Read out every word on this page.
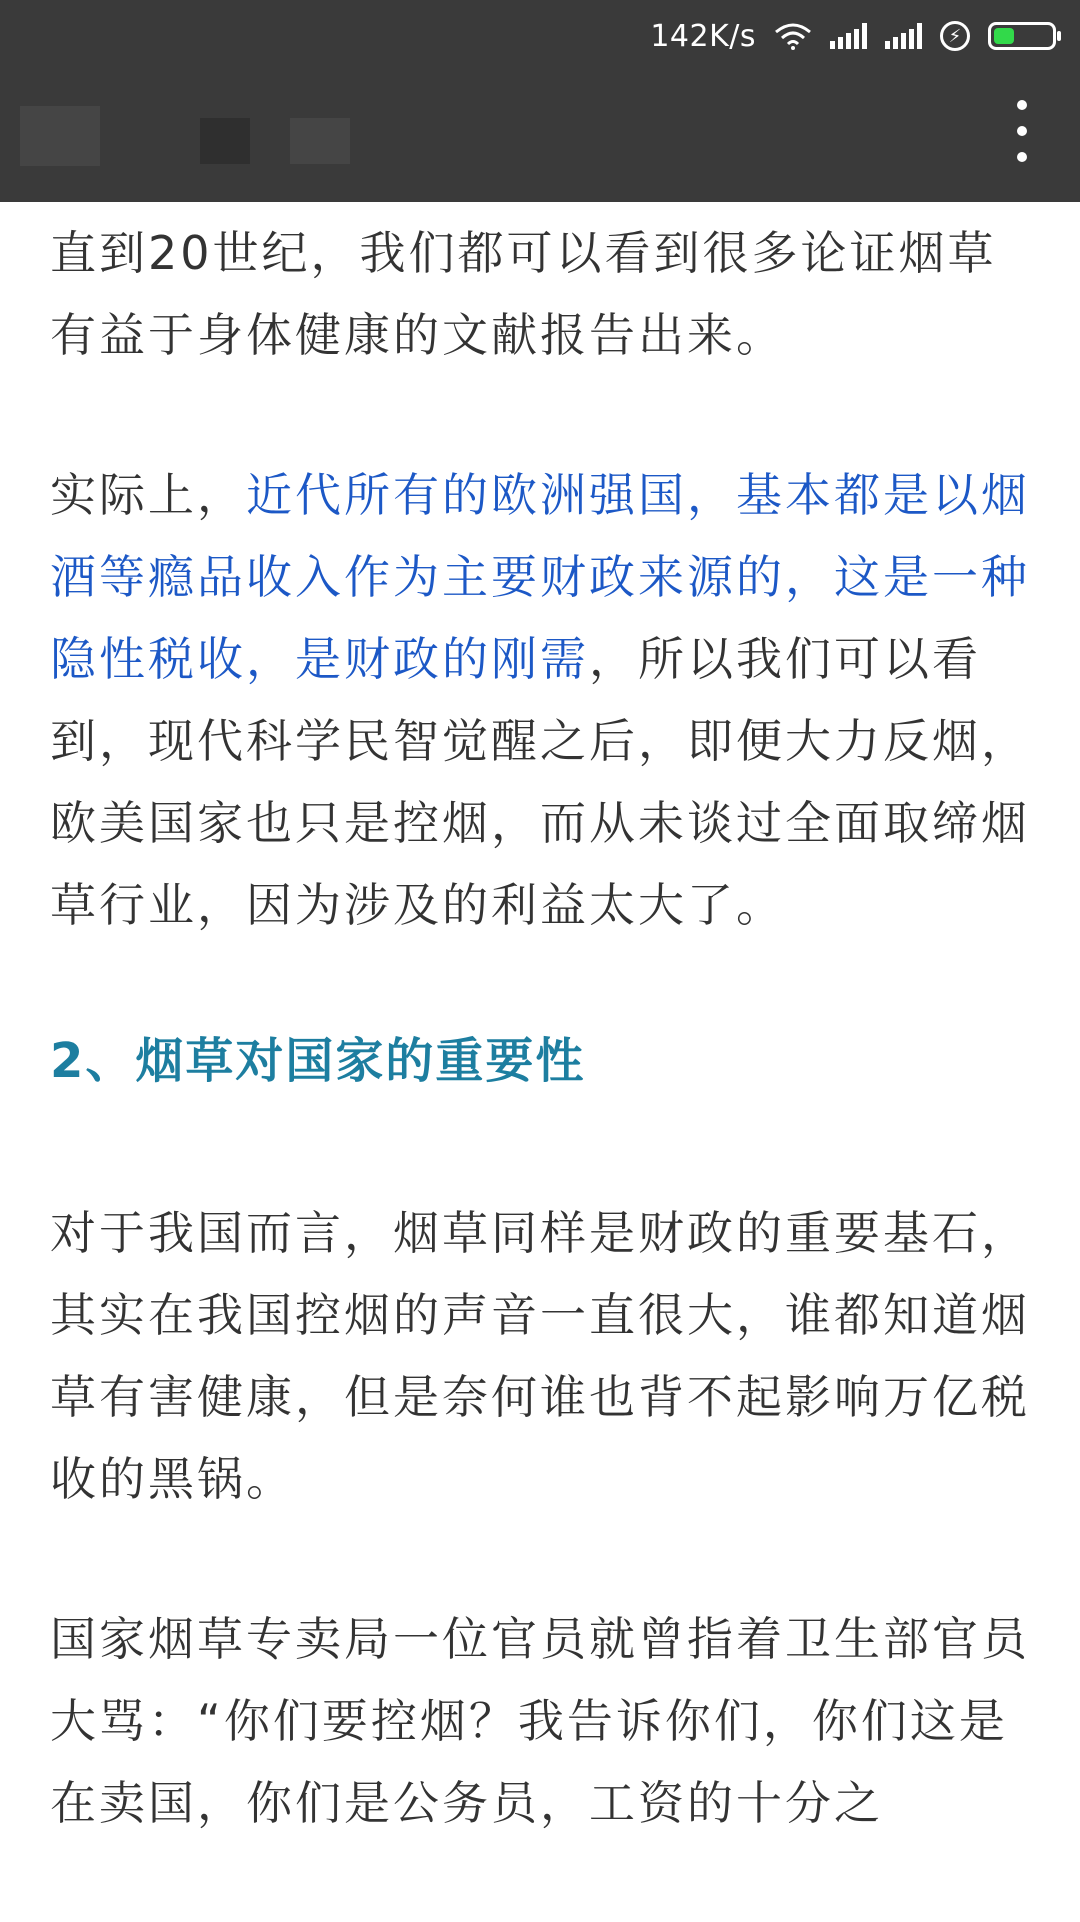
142K/s	⚡

直到20世纪，我们都可以看到很多论证烟草有益于身体健康的文献报告出来。

实际上，近代所有的欧洲强国，基本都是以烟酒等瘾品收入作为主要财政来源的，这是一种隐性税收，是财政的刚需，所以我们可以看到，现代科学民智觉醒之后，即便大力反烟，欧美国家也只是控烟，而从未谈过全面取缔烟草行业，因为涉及的利益太大了。

2、烟草对国家的重要性

对于我国而言，烟草同样是财政的重要基石，其实在我国控烟的声音一直很大，谁都知道烟草有害健康，但是奈何谁也背不起影响万亿税收的黑锅。

国家烟草专卖局一位官员就曾指着卫生部官员大骂：“你们要控烟？我告诉你们，你们这是在卖国，你们是公务员，工资的十分之
